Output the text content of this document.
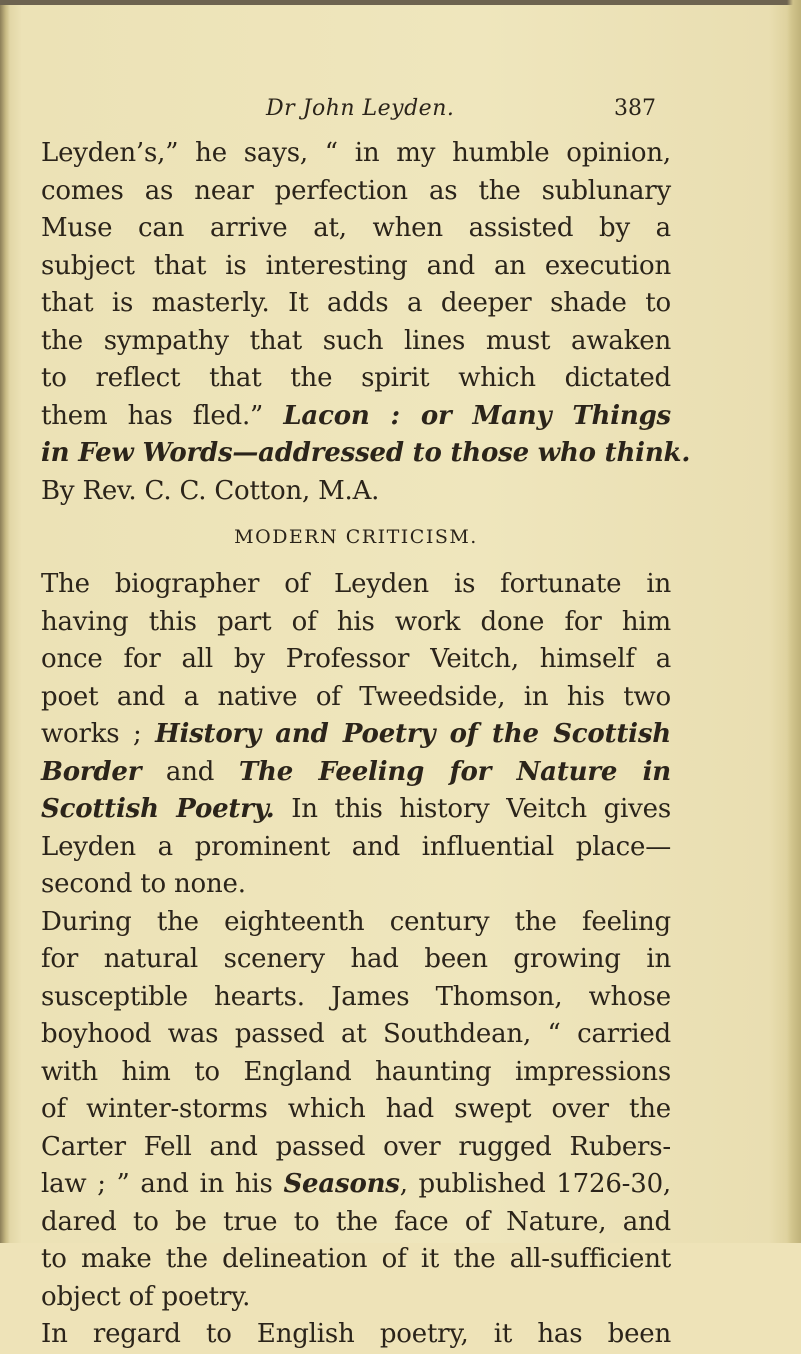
Dr John Leyden.	387
Leyden’s,” he says, “ in my humble opinion,
comes as near perfection as the sublunary
Muse can arrive at, when assisted by a
subject that is interesting and an execution
that is masterly. It adds a deeper shade to
the sympathy that such lines must awaken
to reflect that the spirit which dictated
them has fled.” Lacon : or Many Things
in Few Words—addressed to those who think.
By Rev. C. C. Cotton, M.A.
MODERN CRITICISM.
The biographer of Leyden is fortunate in
having this part of his work done for him
once for all by Professor Veitch, himself a
poet and a native of Tweedside, in his two
works ; History and Poetry of the Scottish
Border and The Feeling for Nature in
Scottish Poetry. In this history Veitch gives
Leyden a prominent and influential place—
second to none.
During the eighteenth century the feeling
for natural scenery had been growing in
susceptible hearts. James Thomson, whose
boyhood was passed at Southdean, “ carried
with him to England haunting impressions
of winter-storms which had swept over the
Carter Fell and passed over rugged Rubers-
law ; ” and in his Seasons, published 1726-30,
dared to be true to the face of Nature, and
to make the delineation of it the all-sufficient
object of poetry.
In regard to English poetry, it has been
